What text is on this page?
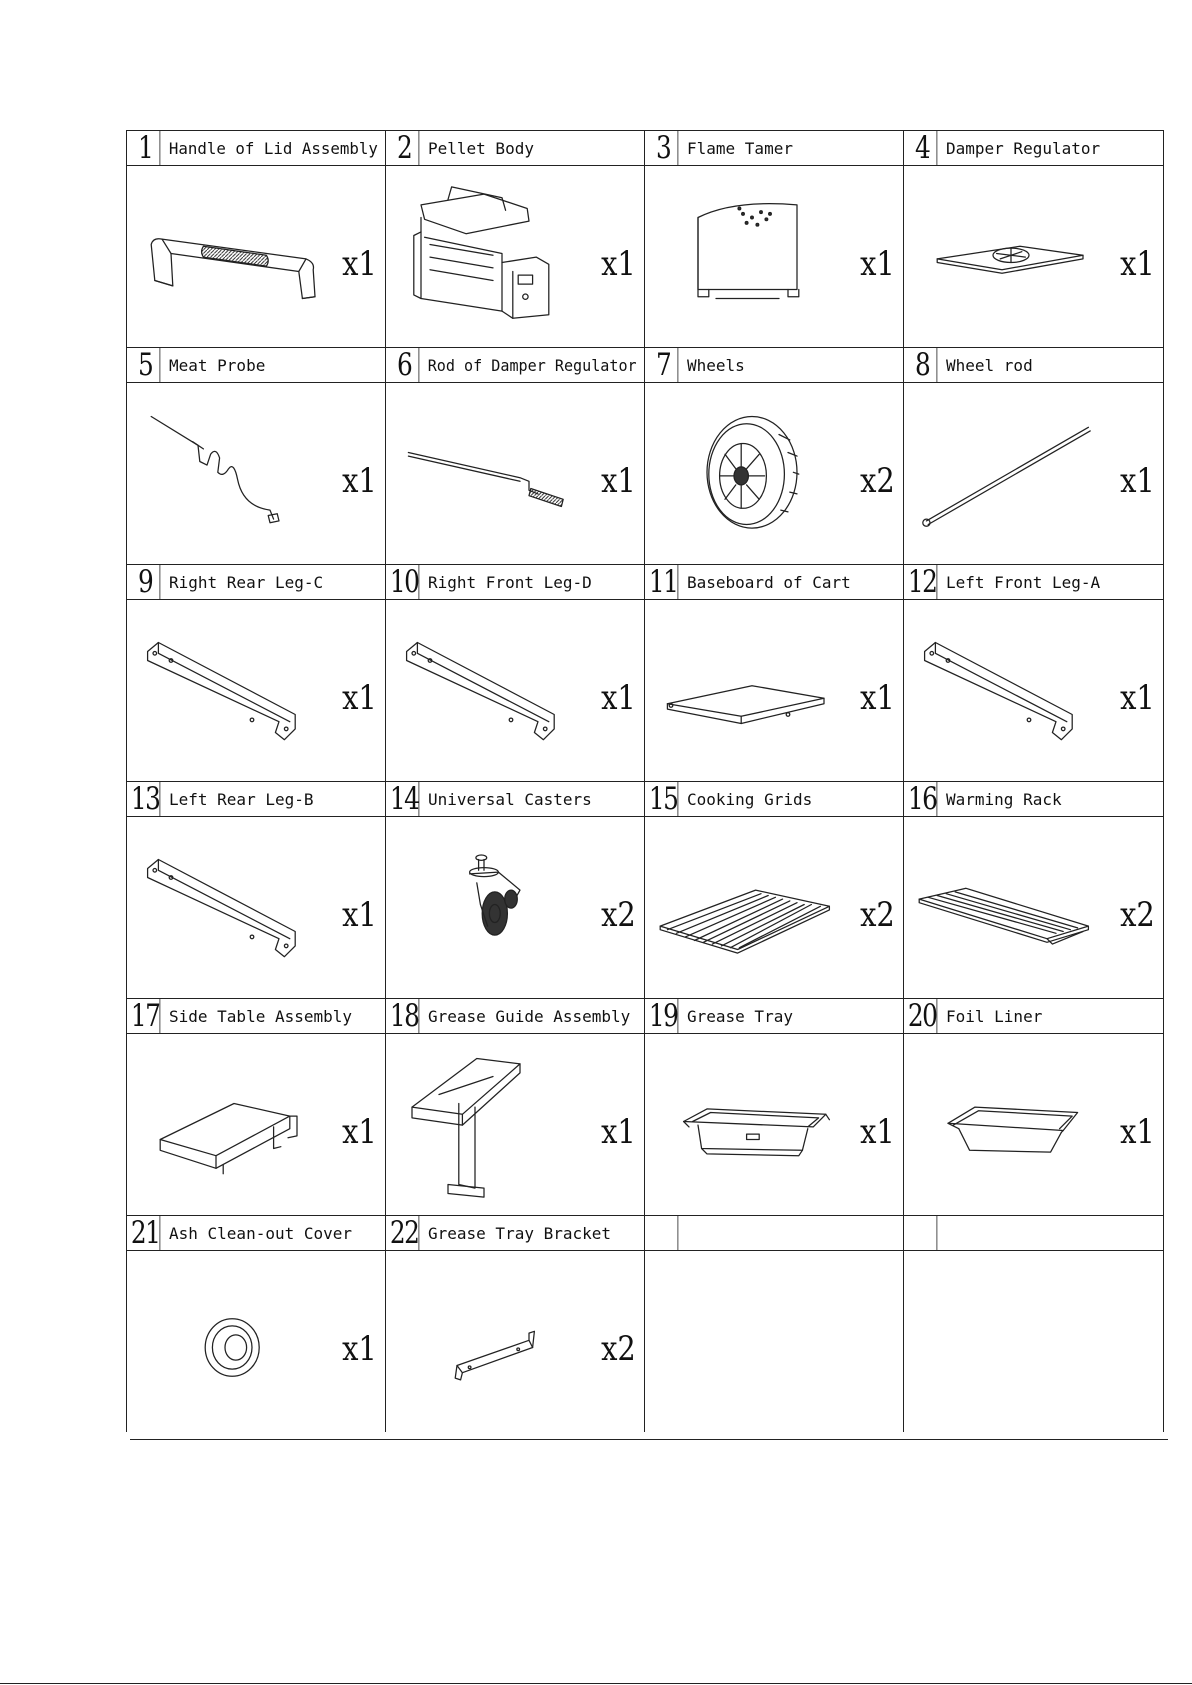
1	Handle of Lid Assembly 2	Pellet Body	3	Flame Tamer	4	Damper Regulator
x1	x1	x1	x1
5	Meat Probe	6	Rod of Damper Regulator 7	Wheels	8	Wheel rod
x1	x1	x2	x1
9	Right Rear Leg-C 10 Right Front Leg-D 11 Baseboard of Cart 12 Left Front Leg-A
x1	x1	x1	x1
13 Left Rear Leg-B 14 Universal Casters 15 Cooking Grids	16 Warming Rack
x1	x2	x2	x2
17 Side Table Assembly 18 Grease Guide Assembly 19 Grease Tray	20 Foil Liner
x1	x1	x1	x1
21 Ash Clean-out Cover 22 Grease Tray Bracket
x1	x2
